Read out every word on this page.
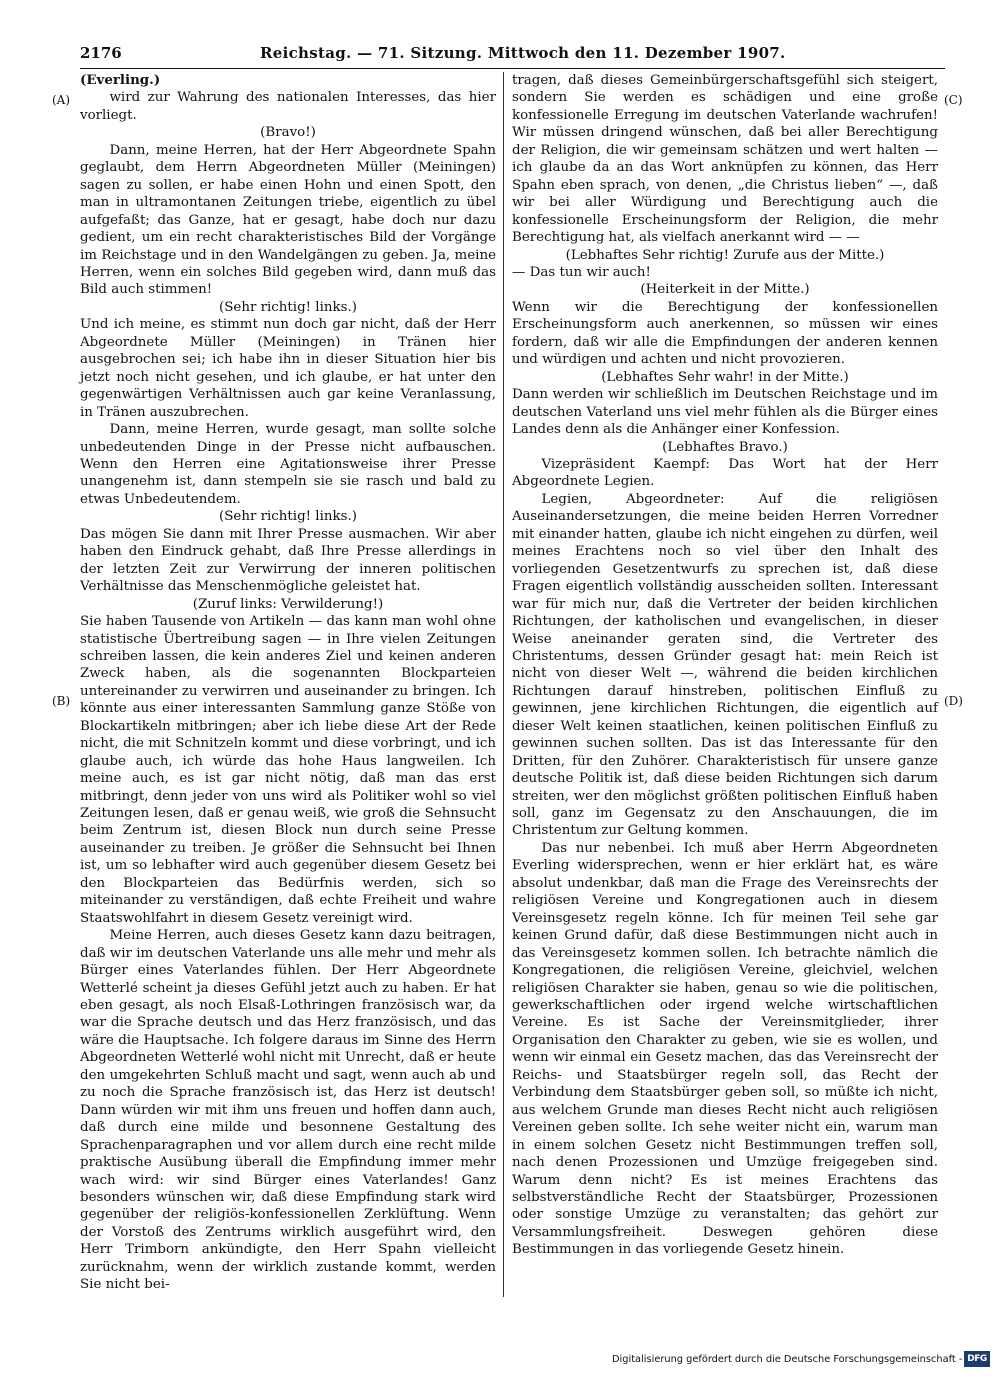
2176	Reichstag. — 71. Sitzung. Mittwoch den 11. Dezember 1907.
(A)
(B)
(C)
(D)
(Everling.)
wird zur Wahrung des nationalen Interesses, das hier vorliegt.
(Bravo!)
Dann, meine Herren, hat der Herr Abgeordnete Spahn geglaubt, dem Herrn Abgeordneten Müller (Meiningen) sagen zu sollen, er habe einen Hohn und einen Spott, den man in ultramontanen Zeitungen triebe, eigentlich zu übel aufgefaßt; das Ganze, hat er gesagt, habe doch nur dazu gedient, um ein recht charakteristisches Bild der Vorgänge im Reichstage und in den Wandelgängen zu geben. Ja, meine Herren, wenn ein solches Bild gegeben wird, dann muß das Bild auch stimmen!
(Sehr richtig! links.)
Und ich meine, es stimmt nun doch gar nicht, daß der Herr Abgeordnete Müller (Meiningen) in Tränen hier ausgebrochen sei; ich habe ihn in dieser Situation hier bis jetzt noch nicht gesehen, und ich glaube, er hat unter den gegenwärtigen Verhältnissen auch gar keine Veranlassung, in Tränen auszubrechen.
Dann, meine Herren, wurde gesagt, man sollte solche unbedeutenden Dinge in der Presse nicht aufbauschen. Wenn den Herren eine Agitationsweise ihrer Presse unangenehm ist, dann stempeln sie sie rasch und bald zu etwas Unbedeutendem.
(Sehr richtig! links.)
Das mögen Sie dann mit Ihrer Presse ausmachen. Wir aber haben den Eindruck gehabt, daß Ihre Presse allerdings in der letzten Zeit zur Verwirrung der inneren politischen Verhältnisse das Menschenmögliche geleistet hat.
(Zuruf links: Verwilderung!)
Sie haben Tausende von Artikeln — das kann man wohl ohne statistische Übertreibung sagen — in Ihre vielen Zeitungen schreiben lassen, die kein anderes Ziel und keinen anderen Zweck haben, als die sogenannten Blockparteien untereinander zu verwirren und auseinander zu bringen. Ich könnte aus einer interessanten Sammlung ganze Stöße von Blockartikeln mitbringen; aber ich liebe diese Art der Rede nicht, die mit Schnitzeln kommt und diese vorbringt, und ich glaube auch, ich würde das hohe Haus langweilen. Ich meine auch, es ist gar nicht nötig, daß man das erst mitbringt, denn jeder von uns wird als Politiker wohl so viel Zeitungen lesen, daß er genau weiß, wie groß die Sehnsucht beim Zentrum ist, diesen Block nun durch seine Presse auseinander zu treiben. Je größer die Sehnsucht bei Ihnen ist, um so lebhafter wird auch gegenüber diesem Gesetz bei den Blockparteien das Bedürfnis werden, sich so miteinander zu verständigen, daß echte Freiheit und wahre Staatswohlfahrt in diesem Gesetz vereinigt wird.
Meine Herren, auch dieses Gesetz kann dazu beitragen, daß wir im deutschen Vaterlande uns alle mehr und mehr als Bürger eines Vaterlandes fühlen. Der Herr Abgeordnete Wetterlé scheint ja dieses Gefühl jetzt auch zu haben. Er hat eben gesagt, als noch Elsaß-Lothringen französisch war, da war die Sprache deutsch und das Herz französisch, und das wäre die Hauptsache. Ich folgere daraus im Sinne des Herrn Abgeordneten Wetterlé wohl nicht mit Unrecht, daß er heute den umgekehrten Schluß macht und sagt, wenn auch ab und zu noch die Sprache französisch ist, das Herz ist deutsch! Dann würden wir mit ihm uns freuen und hoffen dann auch, daß durch eine milde und besonnene Gestaltung des Sprachenparagraphen und vor allem durch eine recht milde praktische Ausübung überall die Empfindung immer mehr wach wird: wir sind Bürger eines Vaterlandes! Ganz besonders wünschen wir, daß diese Empfindung stark wird gegenüber der religiös-konfessionellen Zerklüftung. Wenn der Vorstoß des Zentrums wirklich ausgeführt wird, den Herr Trimborn ankündigte, den Herr Spahn vielleicht zurücknahm, wenn der wirklich zustande kommt, werden Sie nicht bei-
tragen, daß dieses Gemeinbürgerschaftsgefühl sich steigert, sondern Sie werden es schädigen und eine große konfessionelle Erregung im deutschen Vaterlande wachrufen! Wir müssen dringend wünschen, daß bei aller Berechtigung der Religion, die wir gemeinsam schätzen und wert halten — ich glaube da an das Wort anknüpfen zu können, das Herr Spahn eben sprach, von denen, „die Christus lieben“ —, daß wir bei aller Würdigung und Berechtigung auch die konfessionelle Erscheinungsform der Religion, die mehr Berechtigung hat, als vielfach anerkannt wird — —
(Lebhaftes Sehr richtig! Zurufe aus der Mitte.)
— Das tun wir auch!
(Heiterkeit in der Mitte.)
Wenn wir die Berechtigung der konfessionellen Erscheinungsform auch anerkennen, so müssen wir eines fordern, daß wir alle die Empfindungen der anderen kennen und würdigen und achten und nicht provozieren.
(Lebhaftes Sehr wahr! in der Mitte.)
Dann werden wir schließlich im Deutschen Reichstage und im deutschen Vaterland uns viel mehr fühlen als die Bürger eines Landes denn als die Anhänger einer Konfession.
(Lebhaftes Bravo.)
Vizepräsident Kaempf: Das Wort hat der Herr Abgeordnete Legien.
Legien, Abgeordneter: Auf die religiösen Auseinandersetzungen, die meine beiden Herren Vorredner mit einander hatten, glaube ich nicht eingehen zu dürfen, weil meines Erachtens noch so viel über den Inhalt des vorliegenden Gesetzentwurfs zu sprechen ist, daß diese Fragen eigentlich vollständig ausscheiden sollten. Interessant war für mich nur, daß die Vertreter der beiden kirchlichen Richtungen, der katholischen und evangelischen, in dieser Weise aneinander geraten sind, die Vertreter des Christentums, dessen Gründer gesagt hat: mein Reich ist nicht von dieser Welt —, während die beiden kirchlichen Richtungen darauf hinstreben, politischen Einfluß zu gewinnen, jene kirchlichen Richtungen, die eigentlich auf dieser Welt keinen staatlichen, keinen politischen Einfluß zu gewinnen suchen sollten. Das ist das Interessante für den Dritten, für den Zuhörer. Charakteristisch für unsere ganze deutsche Politik ist, daß diese beiden Richtungen sich darum streiten, wer den möglichst größten politischen Einfluß haben soll, ganz im Gegensatz zu den Anschauungen, die im Christentum zur Geltung kommen.
Das nur nebenbei. Ich muß aber Herrn Abgeordneten Everling widersprechen, wenn er hier erklärt hat, es wäre absolut undenkbar, daß man die Frage des Vereinsrechts der religiösen Vereine und Kongregationen auch in diesem Vereinsgesetz regeln könne. Ich für meinen Teil sehe gar keinen Grund dafür, daß diese Bestimmungen nicht auch in das Vereinsgesetz kommen sollen. Ich betrachte nämlich die Kongregationen, die religiösen Vereine, gleichviel, welchen religiösen Charakter sie haben, genau so wie die politischen, gewerkschaftlichen oder irgend welche wirtschaftlichen Vereine. Es ist Sache der Vereinsmitglieder, ihrer Organisation den Charakter zu geben, wie sie es wollen, und wenn wir einmal ein Gesetz machen, das das Vereinsrecht der Reichs- und Staatsbürger regeln soll, das Recht der Verbindung dem Staatsbürger geben soll, so müßte ich nicht, aus welchem Grunde man dieses Recht nicht auch religiösen Vereinen geben sollte. Ich sehe weiter nicht ein, warum man in einem solchen Gesetz nicht Bestimmungen treffen soll, nach denen Prozessionen und Umzüge freigegeben sind. Warum denn nicht? Es ist meines Erachtens das selbstverständliche Recht der Staatsbürger, Prozessionen oder sonstige Umzüge zu veranstalten; das gehört zur Versammlungsfreiheit. Deswegen gehören diese Bestimmungen in das vorliegende Gesetz hinein.
Digitalisierung gefördert durch die Deutsche Forschungsgemeinschaft - DFG
